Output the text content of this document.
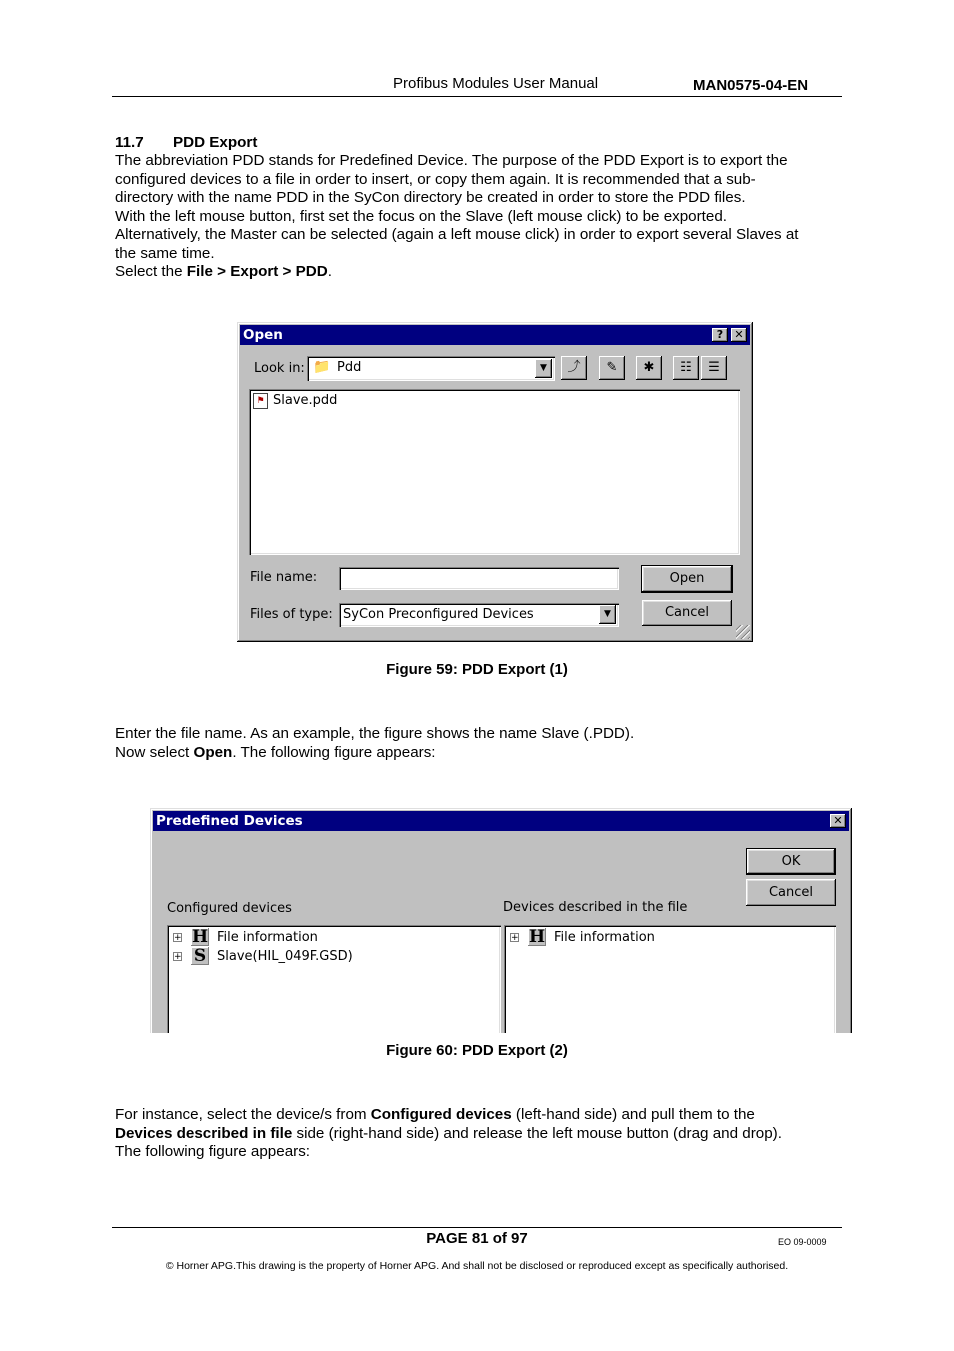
Profibus Modules User Manual	MAN0575-04-EN
11.7 PDD Export
The abbreviation PDD stands for Predefined Device. The purpose of the PDD Export is to export the
configured devices to a file in order to insert, or copy them again. It is recommended that a sub-
directory with the name PDD in the SyCon directory be created in order to store the PDD files.
With the left mouse button, first set the focus on the Slave (left mouse click) to be exported.
Alternatively, the Master can be selected (again a left mouse click) in order to export several Slaves at
the same time.
Select the File > Export > PDD.
Open	?	✕
Look in: 📁 Pdd	▼	⤴	✎	✱	☷	☰
⚑ Slave.pdd
File name:	Open
Files of type: SyCon Preconfigured Devices	▼	Cancel
Figure 59: PDD Export (1)
Enter the file name. As an example, the figure shows the name Slave (.PDD).
Now select Open. The following figure appears:
Predefined Devices	✕
OK
Cancel
Configured devices	Devices described in the file
+ H File information
+ S Slave(HIL_049F.GSD)
+ H File information
Figure 60: PDD Export (2)
For instance, select the device/s from Configured devices (left-hand side) and pull them to the
Devices described in file side (right-hand side) and release the left mouse button (drag and drop).
The following figure appears:
PAGE 81 of 97	EO 09-0009
© Horner APG.This drawing is the property of Horner APG. And shall not be disclosed or reproduced except as specifically authorised.
